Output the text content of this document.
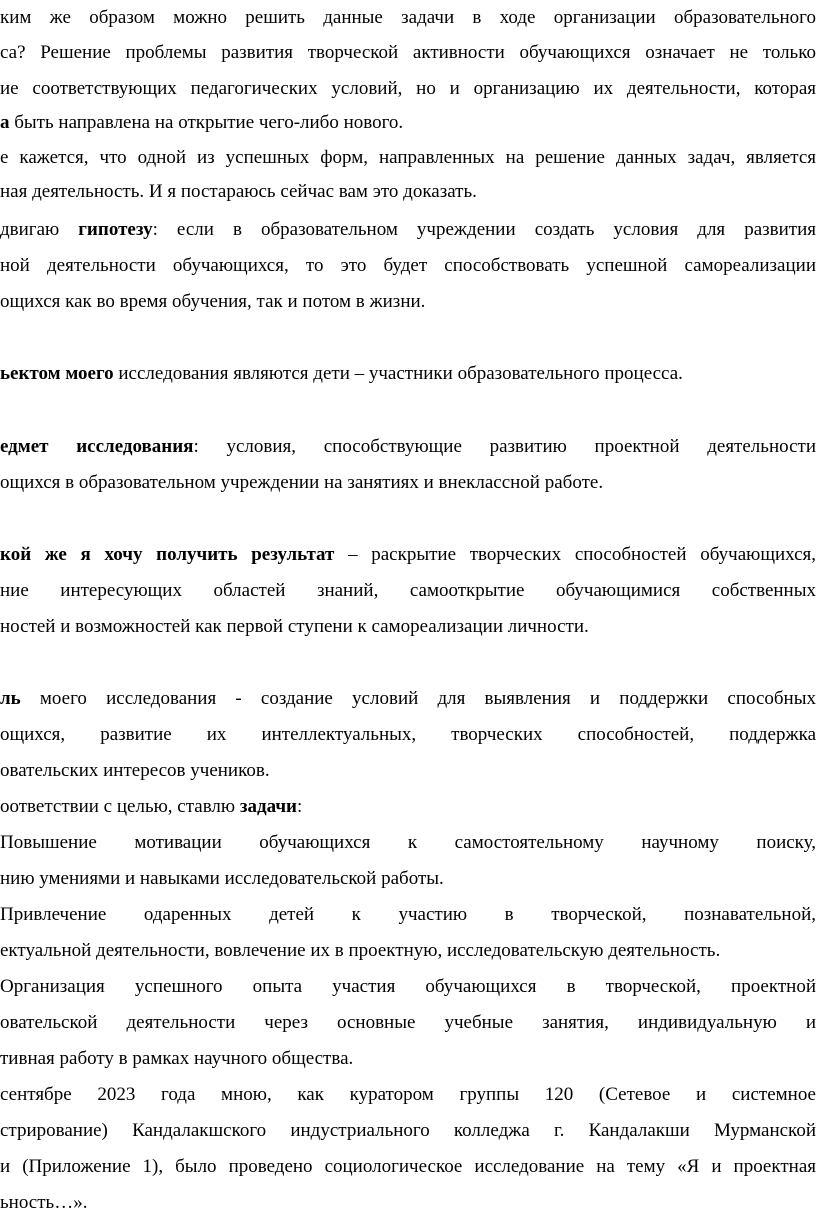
ким же образом можно решить данные задачи в ходе организации образовательного
са? Решение проблемы развития творческой активности обучающихся означает не только
ие соответствующих педагогических условий, но и организацию их деятельности, которая
а быть направлена на открытие чего-либо нового.
е кажется, что одной из успешных форм, направленных на решение данных задач, является
ная деятельность. И я постараюсь сейчас вам это доказать.
двигаю гипотезу: если в образовательном учреждении создать условия для развития
ной деятельности обучающихся, то это будет способствовать успешной самореализации
ощихся как во время обучения, так и потом в жизни.
ьектом моего исследования являются дети – участники образовательного процесса.
едмет исследования: условия, способствующие развитию проектной деятельности
ощихся в образовательном учреждении на занятиях и внеклассной работе.
кой же я хочу получить результат – раскрытие творческих способностей обучающихся,
ние интересующих областей знаний, самооткрытие обучающимися собственных
ностей и возможностей как первой ступени к самореализации личности.
ль моего исследования - создание условий для выявления и поддержки способных
ощихся, развитие их интеллектуальных, творческих способностей, поддержка
овательских интересов учеников.
оответствии с целью, ставлю задачи:
Повышение мотивации обучающихся к самостоятельному научному поиску,
нию умениями и навыками исследовательской работы.
Привлечение одаренных детей к участию в творческой, познавательной,
ектуальной деятельности, вовлечение их в проектную, исследовательскую деятельность.
Организация успешного опыта участия обучающихся в творческой, проектной
овательской деятельности через основные учебные занятия, индивидуальную и
тивная работу в рамках научного общества.
сентябре 2023 года мною, как куратором группы 120 (Сетевое и системное
стрирование) Кандалакшского индустриального колледжа г. Кандалакши Мурманской
и (Приложение 1), было проведено социологическое исследование на тему «Я и проектная
ьность…».
